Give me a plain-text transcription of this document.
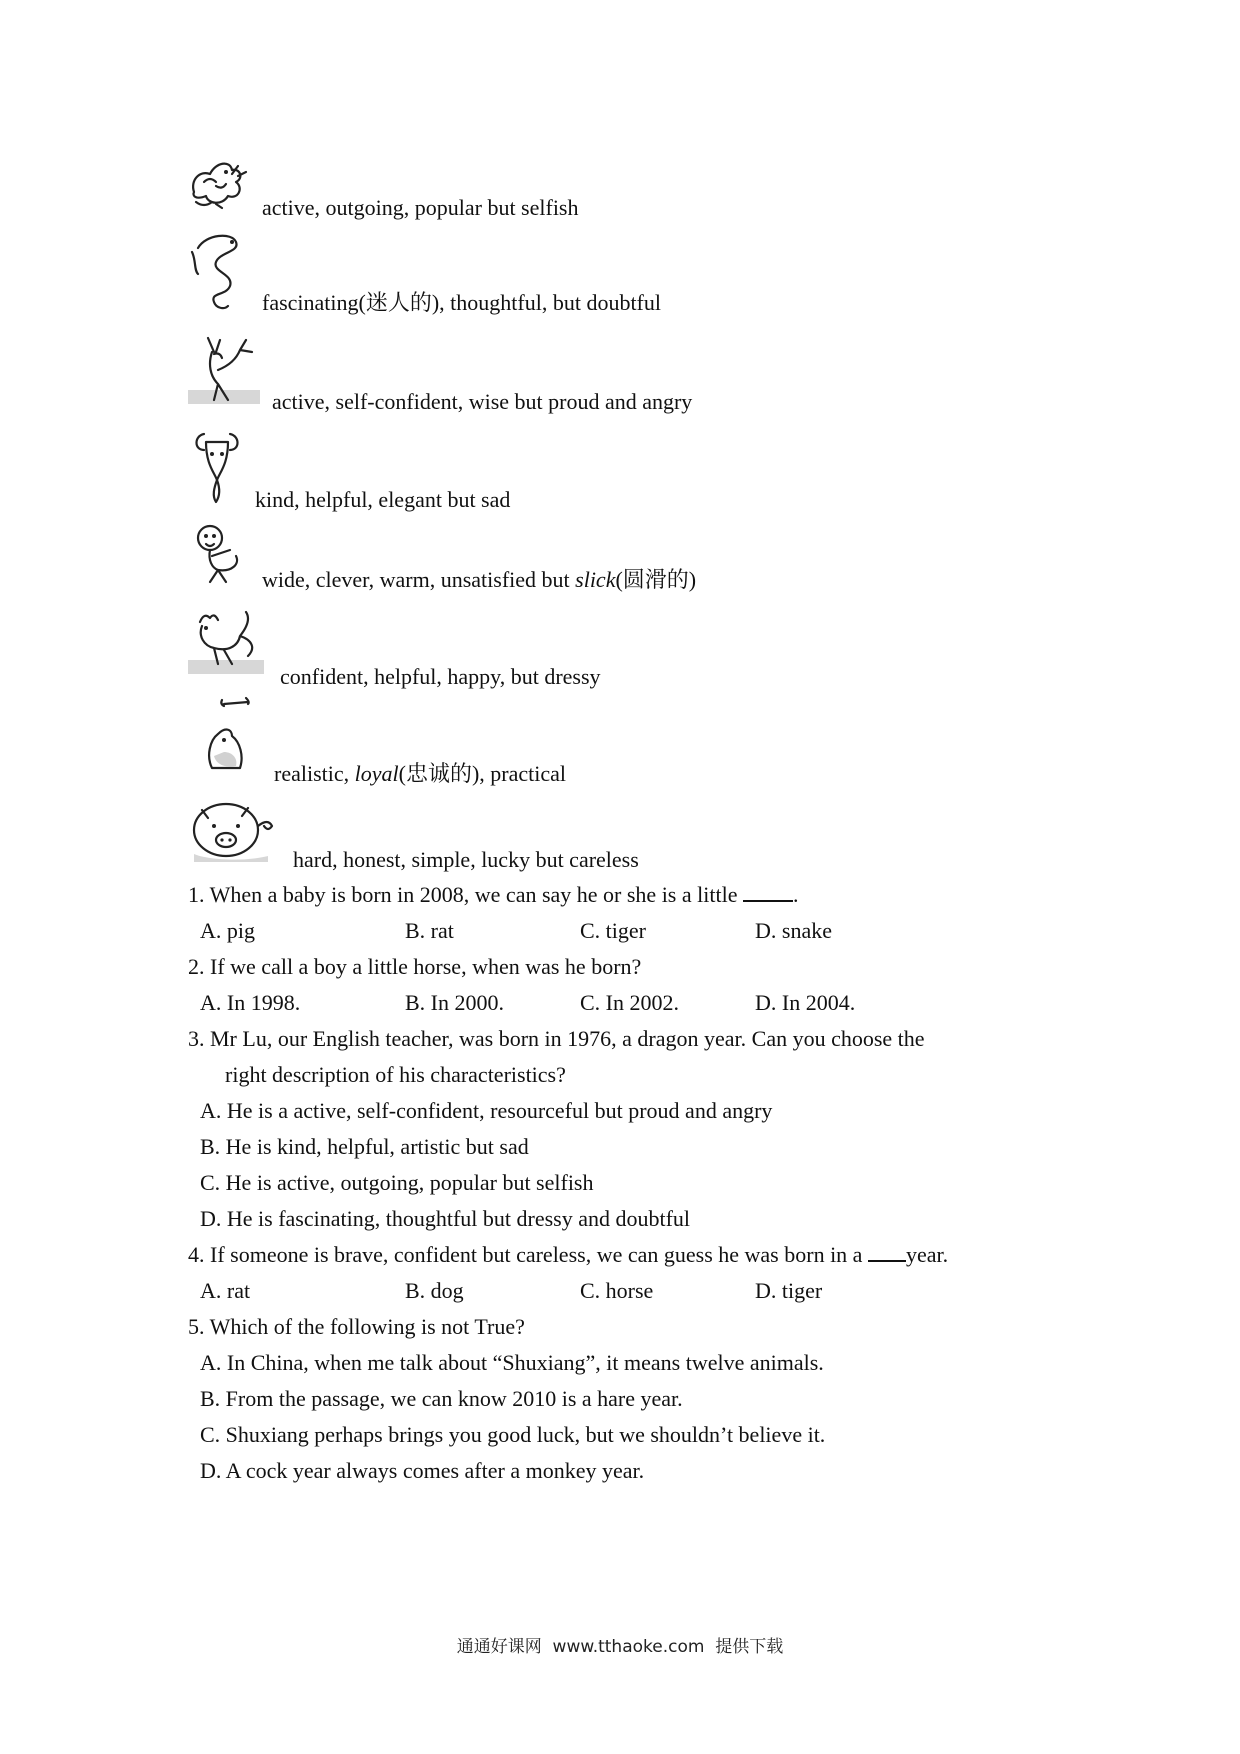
active, outgoing, popular but selfish
fascinating(迷人的), thoughtful, but doubtful
active, self-confident, wise but proud and angry
kind, helpful, elegant but sad
wide, clever, warm, unsatisfied but slick(圆滑的)
confident, helpful, happy, but dressy
realistic, loyal(忠诚的), practical
hard, honest, simple, lucky but careless
1. When a baby is born in 2008, we can say he or she is a little .
A. pig	B. rat	C. tiger	D. snake
2. If we call a boy a little horse, when was he born?
A. In 1998.	B. In 2000.	C. In 2002.	D. In 2004.
3. Mr Lu, our English teacher, was born in 1976, a dragon year. Can you choose the
right description of his characteristics?
A. He is a active, self-confident, resourceful but proud and angry
B. He is kind, helpful, artistic but sad
C. He is active, outgoing, popular but selfish
D. He is fascinating, thoughtful but dressy and doubtful
4. If someone is brave, confident but careless, we can guess he was born in a year.
A. rat	B. dog	C. horse	D. tiger
5. Which of the following is not True?
A. In China, when me talk about “Shuxiang”, it means twelve animals.
B. From the passage, we can know 2010 is a hare year.
C. Shuxiang perhaps brings you good luck, but we shouldn’t believe it.
D. A cock year always comes after a monkey year.
通通好课网  www.tthaoke.com  提供下载
